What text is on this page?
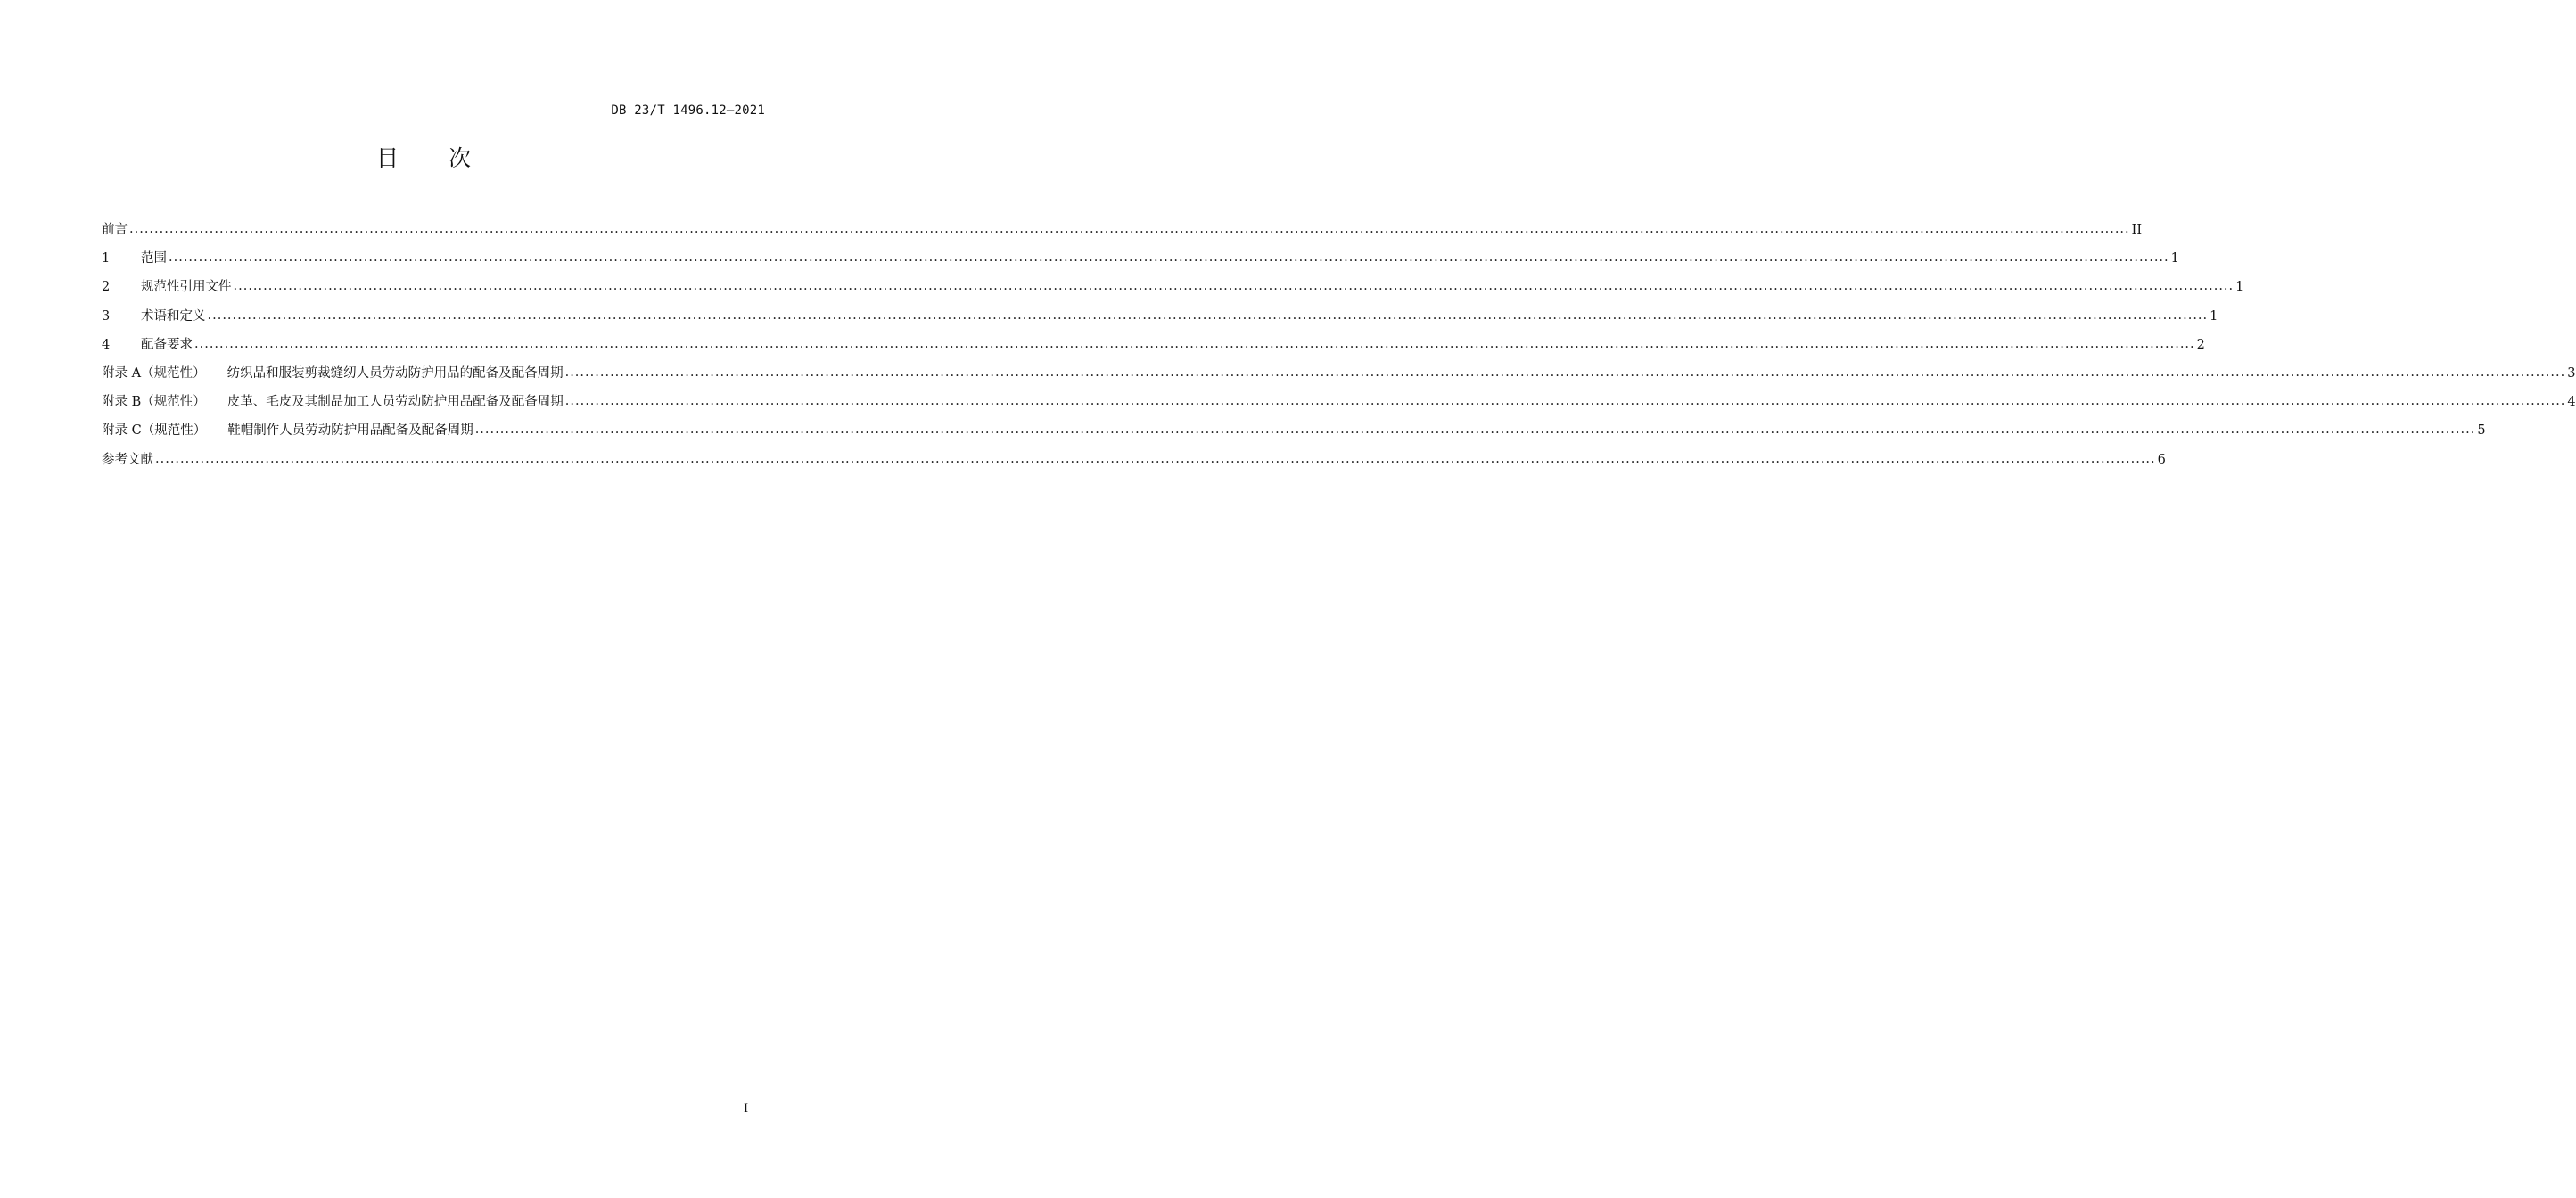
DB 23/T 1496.12—2021
目 次
前言 ................................................................................................................................................................................................................................................................................................................................................................................................................ II
1 范围 ................................................................................................................................................................................................................................................................................................................................................................................................................ 1
2 规范性引用文件 ................................................................................................................................................................................................................................................................................................................................................................................................................ 1
3 术语和定义 ................................................................................................................................................................................................................................................................................................................................................................................................................ 1
4 配备要求 ................................................................................................................................................................................................................................................................................................................................................................................................................ 2
附录 A（规范性） 纺织品和服装剪裁缝纫人员劳动防护用品的配备及配备周期 ................................................................................................................................................................................................................................................................................................................................................................................................................ 3
附录 B（规范性） 皮革、毛皮及其制品加工人员劳动防护用品配备及配备周期 ................................................................................................................................................................................................................................................................................................................................................................................................................ 4
附录 C（规范性） 鞋帽制作人员劳动防护用品配备及配备周期 ................................................................................................................................................................................................................................................................................................................................................................................................................ 5
参考文献 ................................................................................................................................................................................................................................................................................................................................................................................................................ 6
I
